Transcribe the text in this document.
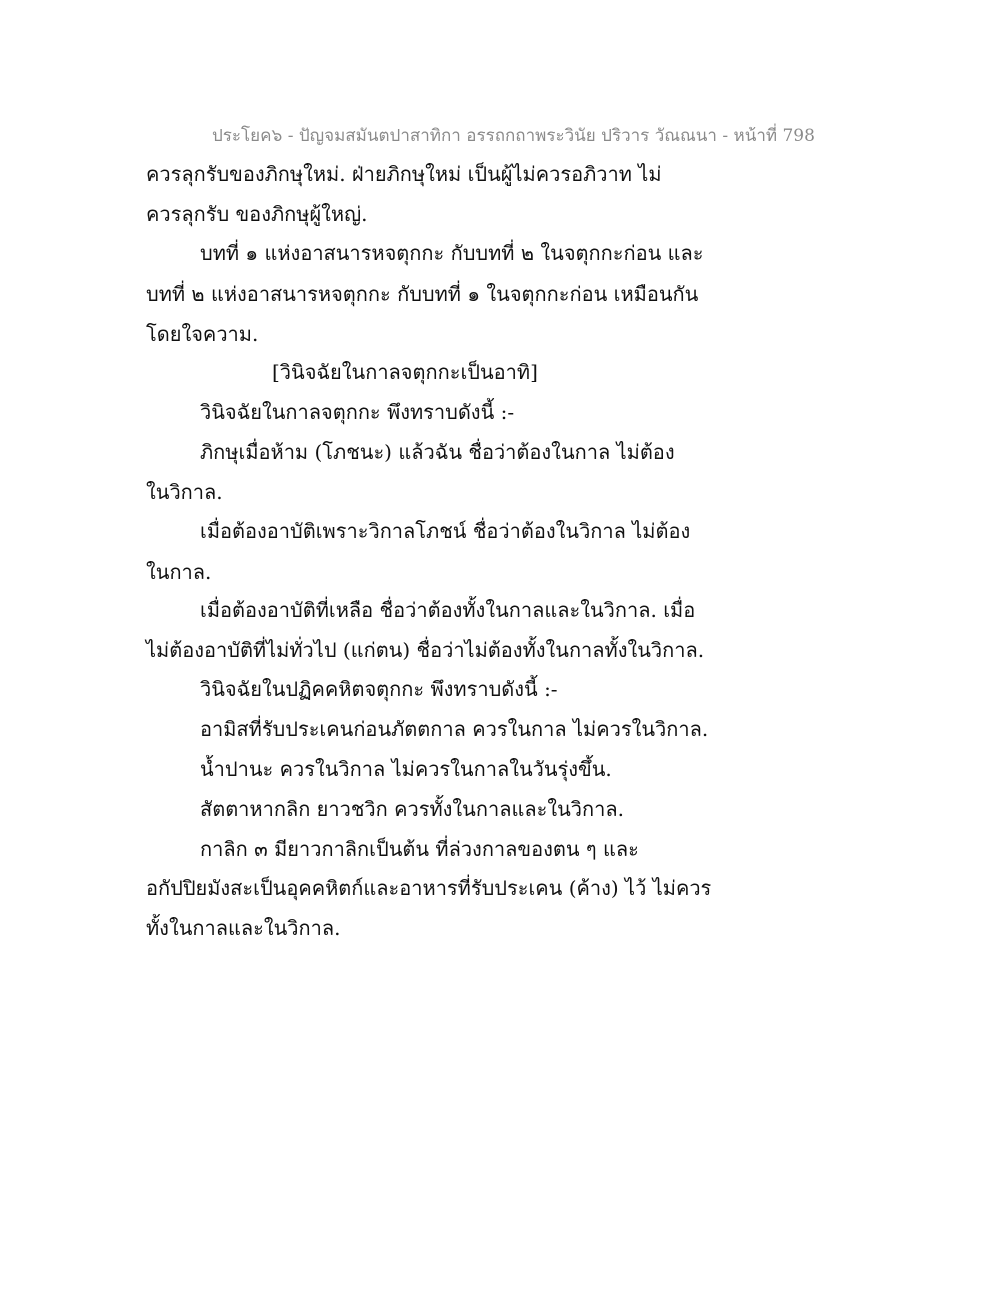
ประโยค๖ - ปัญจมสมันตปาสาทิกา อรรถกถาพระวินัย ปริวาร วัณณนา - หน้าที่ 798
ควรลุกรับของภิกษุใหม่. ฝ่ายภิกษุใหม่ เป็นผู้ไม่ควรอภิวาท ไม่
ควรลุกรับ ของภิกษุผู้ใหญ่.
บทที่ ๑ แห่งอาสนารหจตุกกะ กับบทที่ ๒ ในจตุกกะก่อน และ
บทที่ ๒ แห่งอาสนารหจตุกกะ กับบทที่ ๑ ในจตุกกะก่อน เหมือนกัน
โดยใจความ.
[วินิจฉัยในกาลจตุกกะเป็นอาทิ]
วินิจฉัยในกาลจตุกกะ พึงทราบดังนี้ :-
ภิกษุเมื่อห้าม (โภชนะ) แล้วฉัน ชื่อว่าต้องในกาล ไม่ต้อง
ในวิกาล.
เมื่อต้องอาบัติเพราะวิกาลโภชน์ ชื่อว่าต้องในวิกาล ไม่ต้อง
ในกาล.
เมื่อต้องอาบัติที่เหลือ ชื่อว่าต้องทั้งในกาลและในวิกาล. เมื่อ
ไม่ต้องอาบัติที่ไม่ทั่วไป (แก่ตน) ชื่อว่าไม่ต้องทั้งในกาลทั้งในวิกาล.
วินิจฉัยในปฏิคคหิตจตุกกะ พึงทราบดังนี้ :-
อามิสที่รับประเคนก่อนภัตตกาล ควรในกาล ไม่ควรในวิกาล.
น้ำปานะ ควรในวิกาล ไม่ควรในกาลในวันรุ่งขึ้น.
สัตตาหากลิก ยาวชวิก ควรทั้งในกาลและในวิกาล.
กาลิก ๓ มียาวกาลิกเป็นต้น ที่ล่วงกาลของตน ๆ และ
อกัปปิยมังสะเป็นอุคคหิตก์และอาหารที่รับประเคน (ค้าง) ไว้ ไม่ควร
ทั้งในกาลและในวิกาล.
